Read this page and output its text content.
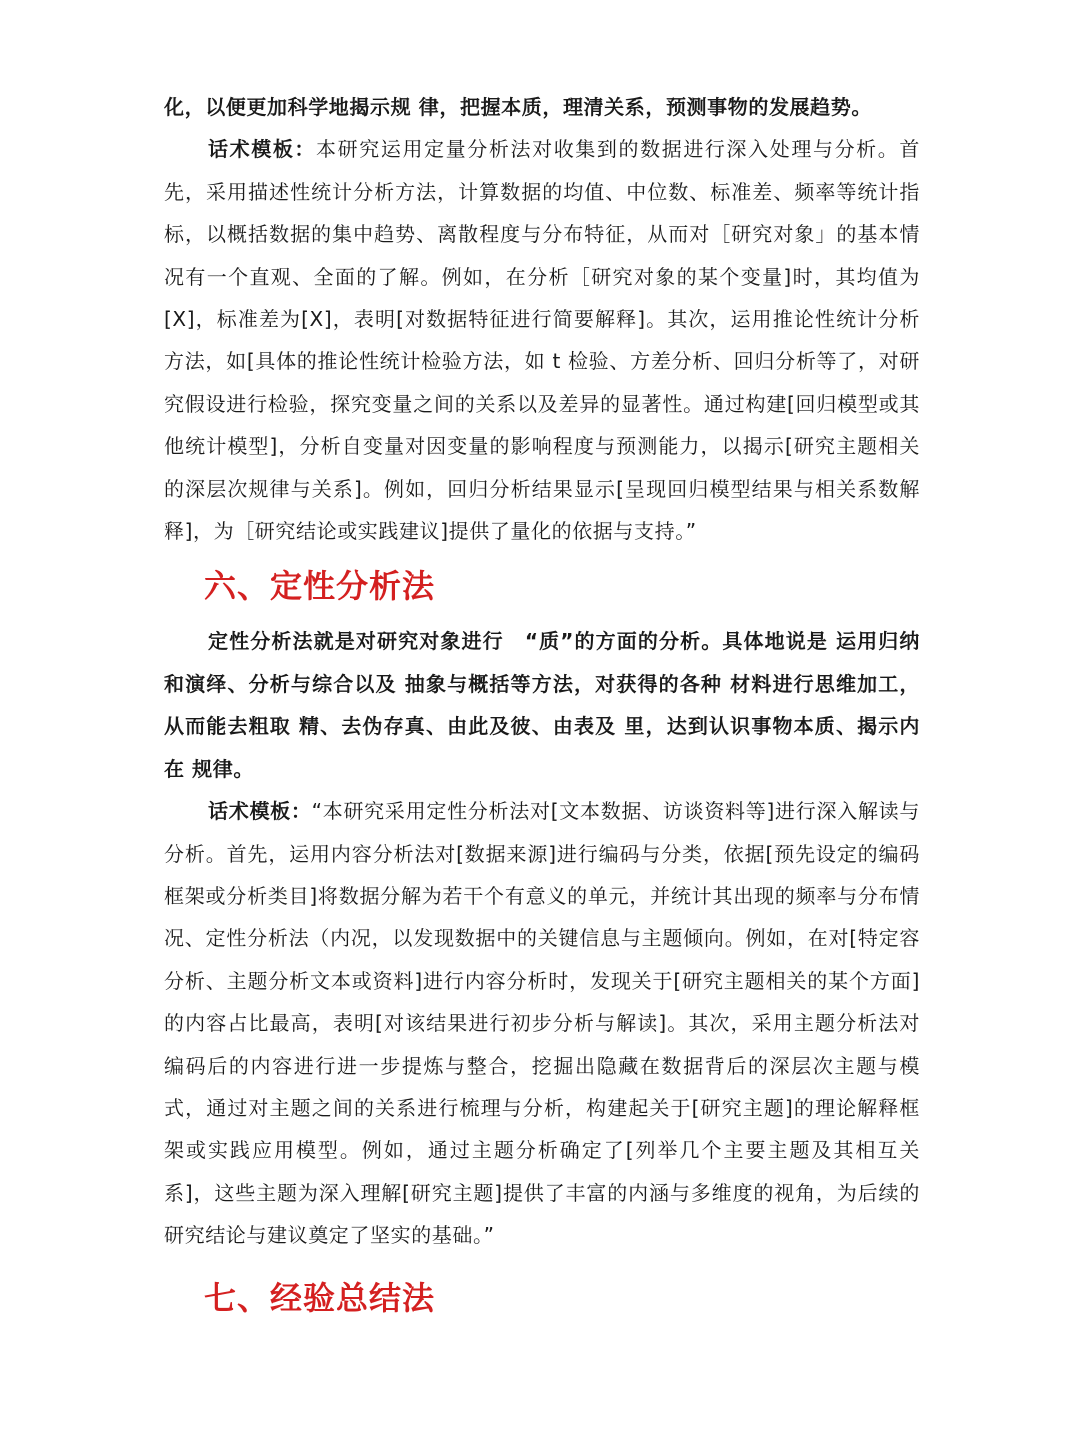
化，以便更加科学地揭示规 律，把握本质，理清关系，预测事物的发展趋势。

话术模板：本研究运用定量分析法对收集到的数据进行深入处理与分析。首先，采用描述性统计分析方法，计算数据的均值、中位数、标准差、频率等统计指标，以概括数据的集中趋势、离散程度与分布特征，从而对［研究对象」的基本情况有一个直观、全面的了解。例如，在分析［研究对象的某个变量]时，其均值为[X]，标准差为[X]，表明[对数据特征进行简要解释]。其次，运用推论性统计分析方法，如[具体的推论性统计检验方法，如 t 检验、方差分析、回归分析等了，对研究假设进行检验，探究变量之间的关系以及差异的显著性。通过构建[回归模型或其他统计模型]，分析自变量对因变量的影响程度与预测能力，以揭示[研究主题相关的深层次规律与关系]。例如，回归分析结果显示[呈现回归模型结果与相关系数解释]，为［研究结论或实践建议]提供了量化的依据与支持。”

六、定性分析法

定性分析法就是对研究对象进行　“质”的方面的分析。具体地说是 运用归纳和演绎、分析与综合以及 抽象与概括等方法，对获得的各种 材料进行思维加工，从而能去粗取 精、去伪存真、由此及彼、由表及 里，达到认识事物本质、揭示内在 规律。

话术模板：“本研究采用定性分析法对[文本数据、访谈资料等]进行深入解读与分析。首先，运用内容分析法对[数据来源]进行编码与分类，依据[预先设定的编码框架或分析类目]将数据分解为若干个有意义的单元，并统计其出现的频率与分布情况、定性分析法（内况，以发现数据中的关键信息与主题倾向。例如，在对[特定容分析、主题分析文本或资料]进行内容分析时，发现关于[研究主题相关的某个方面]的内容占比最高，表明[对该结果进行初步分析与解读]。其次，采用主题分析法对编码后的内容进行进一步提炼与整合，挖掘出隐藏在数据背后的深层次主题与模式，通过对主题之间的关系进行梳理与分析，构建起关于[研究主题]的理论解释框架或实践应用模型。例如，通过主题分析确定了[列举几个主要主题及其相互关系]，这些主题为深入理解[研究主题]提供了丰富的内涵与多维度的视角，为后续的研究结论与建议奠定了坚实的基础。”

七、经验总结法
